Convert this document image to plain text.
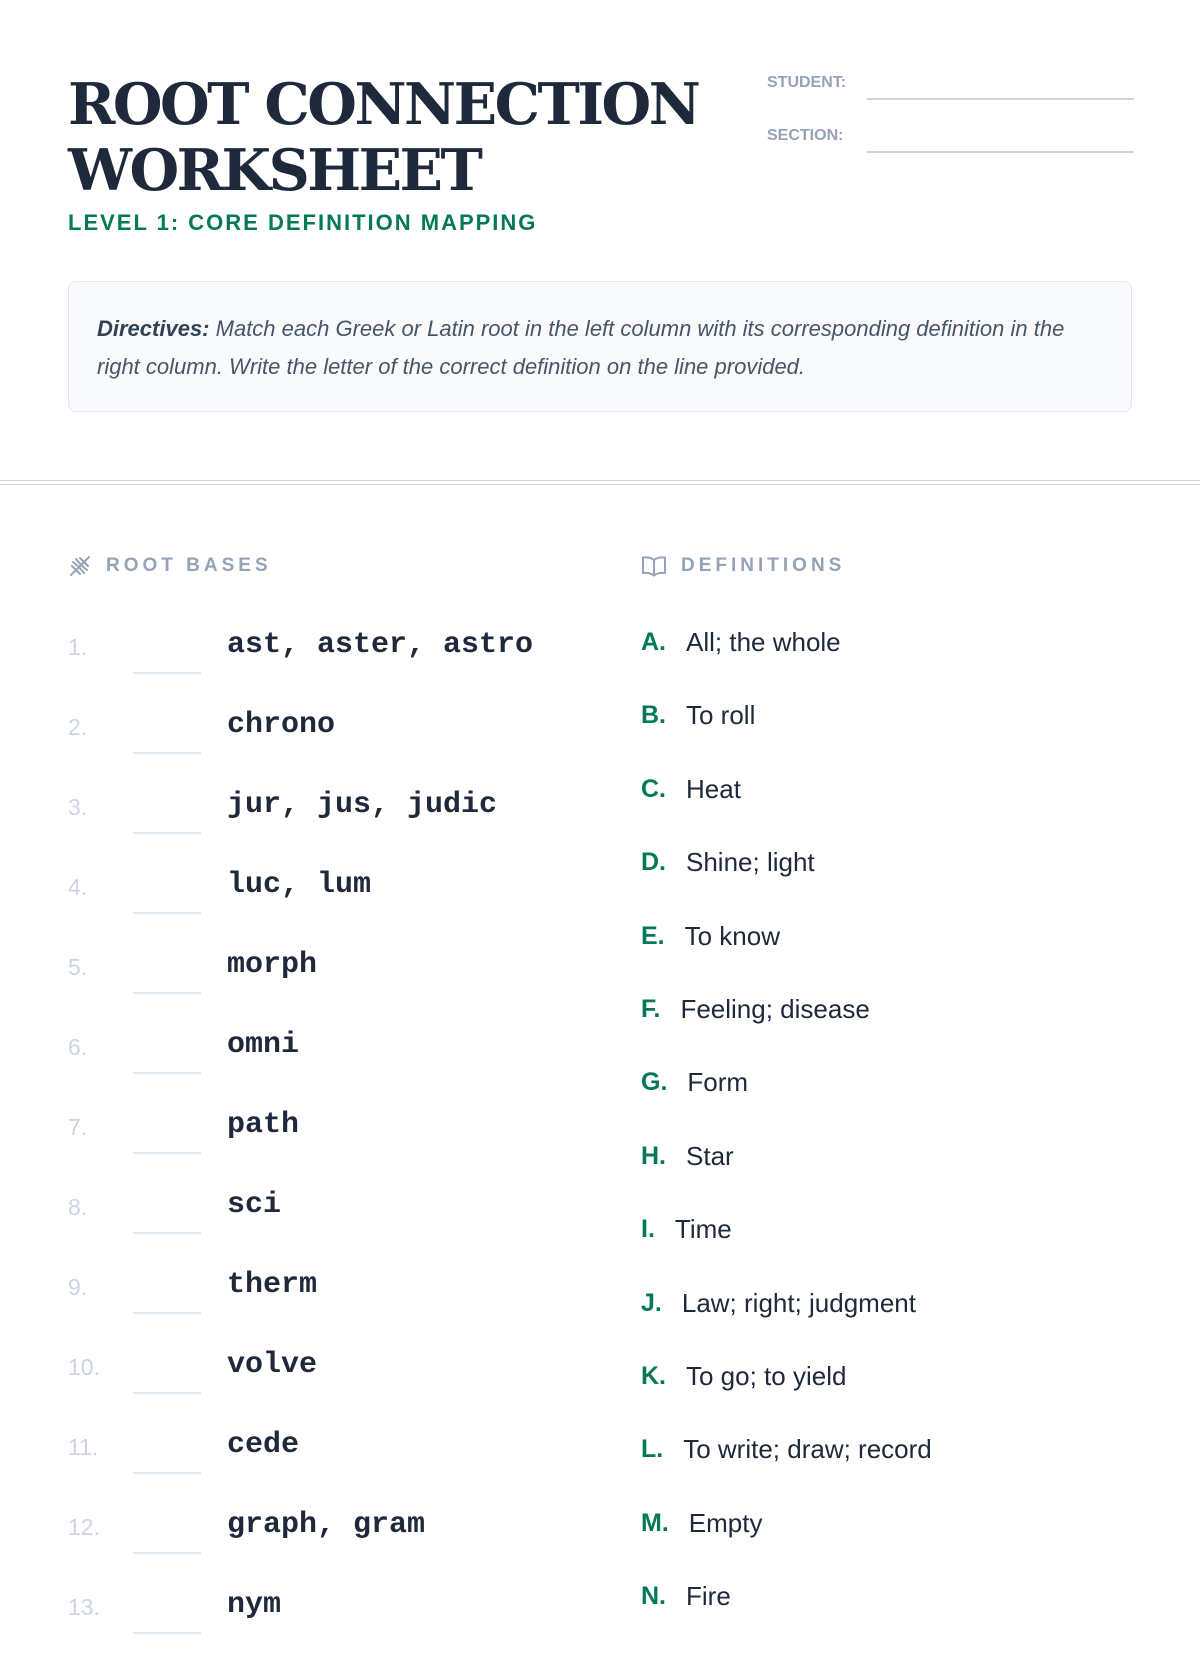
ROOT CONNECTION
WORKSHEET
LEVEL 1: CORE DEFINITION MAPPING
STUDENT:
SECTION:
Directives: Match each Greek or Latin root in the left column with its corresponding definition in the right column. Write the letter of the correct definition on the line provided.
ROOT BASES	DEFINITIONS
1.	ast, aster, astro
2.	chrono
3.	jur, jus, judic
4.	luc, lum
5.	morph
6.	omni
7.	path
8.	sci
9.	therm
10.	volve
11.	cede
12.	graph, gram
13.	nym
A. All; the whole
B. To roll
C. Heat
D. Shine; light
E. To know
F. Feeling; disease
G. Form
H. Star
I. Time
J. Law; right; judgment
K. To go; to yield
L. To write; draw; record
M. Empty
N. Fire
